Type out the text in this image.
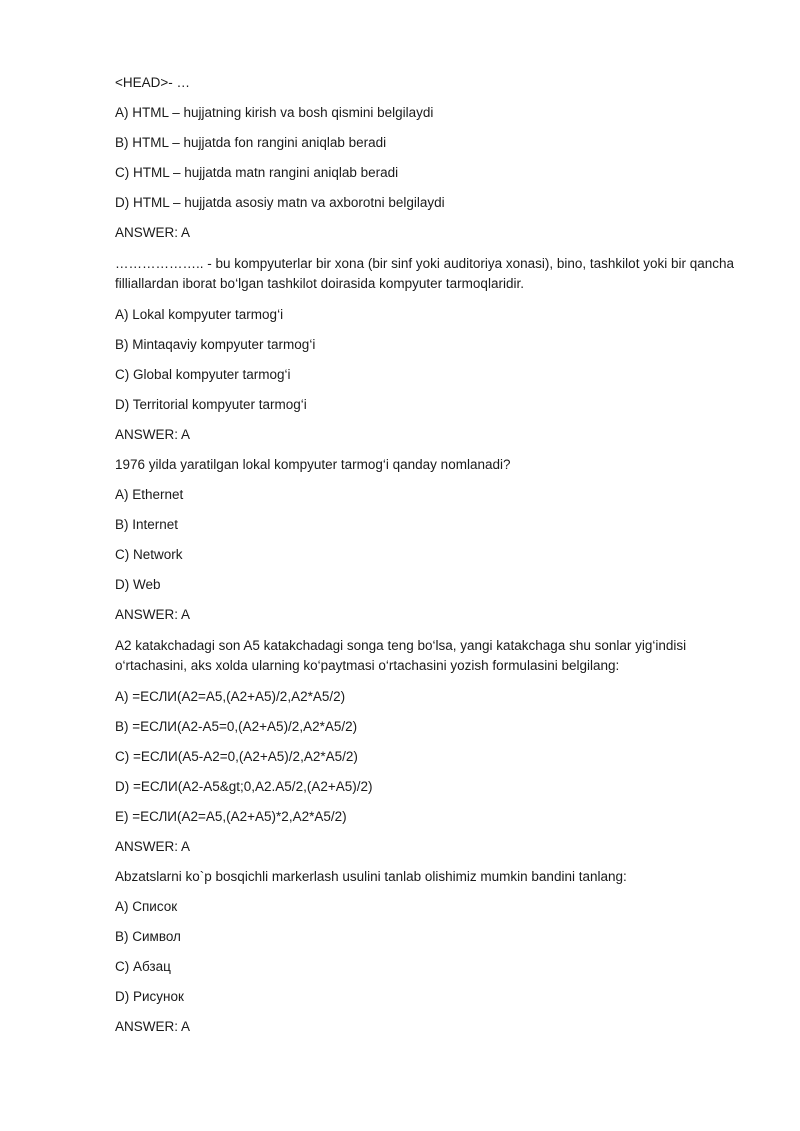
<HEAD>- …

A) HTML – hujjatning kirish va bosh qismini belgilaydi

B) HTML – hujjatda fon rangini aniqlab beradi

C) HTML – hujjatda matn rangini aniqlab beradi

D) HTML – hujjatda asosiy matn va axborotni belgilaydi

ANSWER: A

……………….. - bu kompyuterlar bir xona (bir sinf yoki auditoriya xonasi), bino, tashkilot yoki bir qancha filliallardan iborat bo‘lgan tashkilot doirasida kompyuter tarmoqlaridir.

A) Lokal kompyuter tarmog‘i

B) Mintaqaviy kompyuter tarmog‘i

C) Global kompyuter tarmog‘i

D) Territorial kompyuter tarmog‘i

ANSWER: A

1976 yilda yaratilgan lokal kompyuter tarmog‘i qanday nomlanadi?

A) Ethernet

B) Internet

C) Network

D) Web

ANSWER: A

A2 katakchadagi son A5 katakchadagi songa teng bo‘lsa, yangi katakchaga shu sonlar yig‘indisi o‘rtachasini, aks xolda ularning ko‘paytmasi o‘rtachasini yozish formulasini belgilang:

A) =ЕСЛИ(A2=A5,(A2+A5)/2,A2*A5/2)

B) =ЕСЛИ(A2-A5=0,(A2+A5)/2,A2*A5/2)

C) =ЕСЛИ(A5-A2=0,(A2+A5)/2,A2*A5/2)

D) =ЕСЛИ(A2-A5&gt;0,A2.A5/2,(A2+A5)/2)

E) =ЕСЛИ(A2=A5,(A2+A5)*2,A2*A5/2)

ANSWER: A

Abzatslarni ko`p bosqichli markerlash usulini tanlab olishimiz mumkin bandini tanlang:

A) Список

B) Символ

C) Абзац

D) Рисунок

ANSWER: A
